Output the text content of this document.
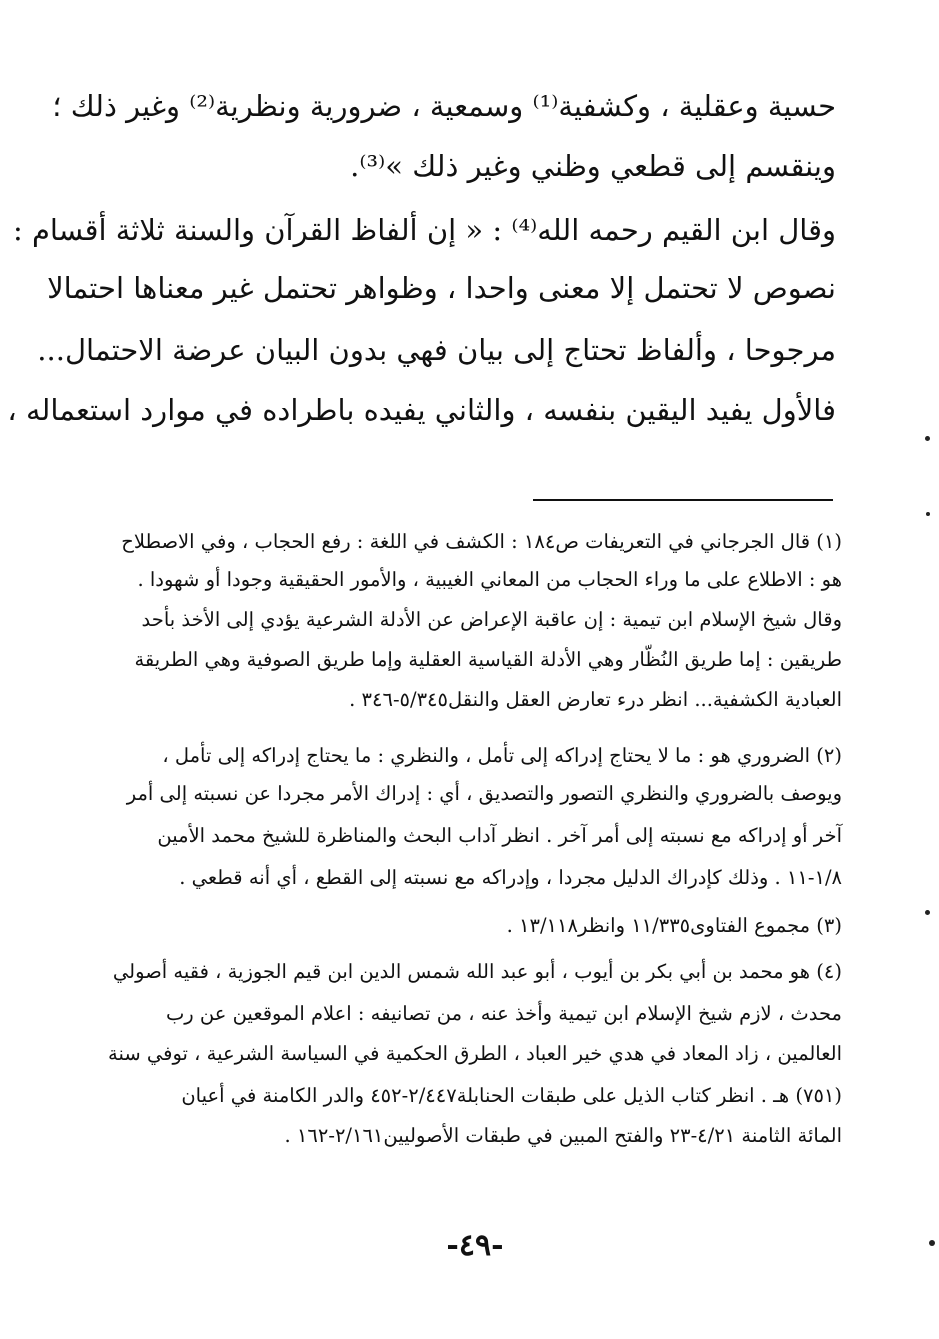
حسية وعقلية ، وكشفية⁽¹⁾ وسمعية ، ضرورية ونظرية⁽²⁾ وغير ذلك ؛
وينقسم إلى قطعي وظني وغير ذلك »⁽³⁾.
وقال ابن القيم رحمه الله⁽⁴⁾ : « إن ألفاظ القرآن والسنة ثلاثة أقسام :
نصوص لا تحتمل إلا معنى واحدا ، وظواهر تحتمل غير معناها احتمالا
مرجوحا ، وألفاظ تحتاج إلى بيان فهي بدون البيان عرضة الاحتمال...
فالأول يفيد اليقين بنفسه ، والثاني يفيده باطراده في موارد استعماله ،
(١) قال الجرجاني في التعريفات ص١٨٤ : الكشف في اللغة : رفع الحجاب ، وفي الاصطلاح
هو : الاطلاع على ما وراء الحجاب من المعاني الغيبية ، والأمور الحقيقية وجودا أو شهودا .
وقال شيخ الإسلام ابن تيمية : إن عاقبة الإعراض عن الأدلة الشرعية يؤدي إلى الأخذ بأحد
طريقين : إما طريق النُظّار وهي الأدلة القياسية العقلية وإما طريق الصوفية وهي الطريقة
العبادية الكشفية... انظر درء تعارض العقل والنقل٥/٣٤٥-٣٤٦ .
(٢) الضروري هو : ما لا يحتاج إدراكه إلى تأمل ، والنظري : ما يحتاج إدراكه إلى تأمل ،
ويوصف بالضروري والنظري التصور والتصديق ، أي : إدراك الأمر مجردا عن نسبته إلى أمر
آخر أو إدراكه مع نسبته إلى أمر آخر . انظر آداب البحث والمناظرة للشيخ محمد الأمين
١/٨-١١ . وذلك كإدراك الدليل مجردا ، وإدراكه مع نسبته إلى القطع ، أي أنه قطعي .
(٣) مجموع الفتاوى١١/٣٣٥ وانظر١٣/١١٨ .
(٤) هو محمد بن أبي بكر بن أيوب ، أبو عبد الله شمس الدين ابن قيم الجوزية ، فقيه أصولي
محدث ، لازم شيخ الإسلام ابن تيمية وأخذ عنه ، من تصانيفه : اعلام الموقعين عن رب
العالمين ، زاد المعاد في هدي خير العباد ، الطرق الحكمية في السياسة الشرعية ، توفي سنة
(٧٥١) هـ . انظر كتاب الذيل على طبقات الحنابلة٢/٤٤٧-٤٥٢ والدر الكامنة في أعيان
المائة الثامنة ٤/٢١-٢٣ والفتح المبين في طبقات الأصوليين٢/١٦١-١٦٢ .
-٤٩-
